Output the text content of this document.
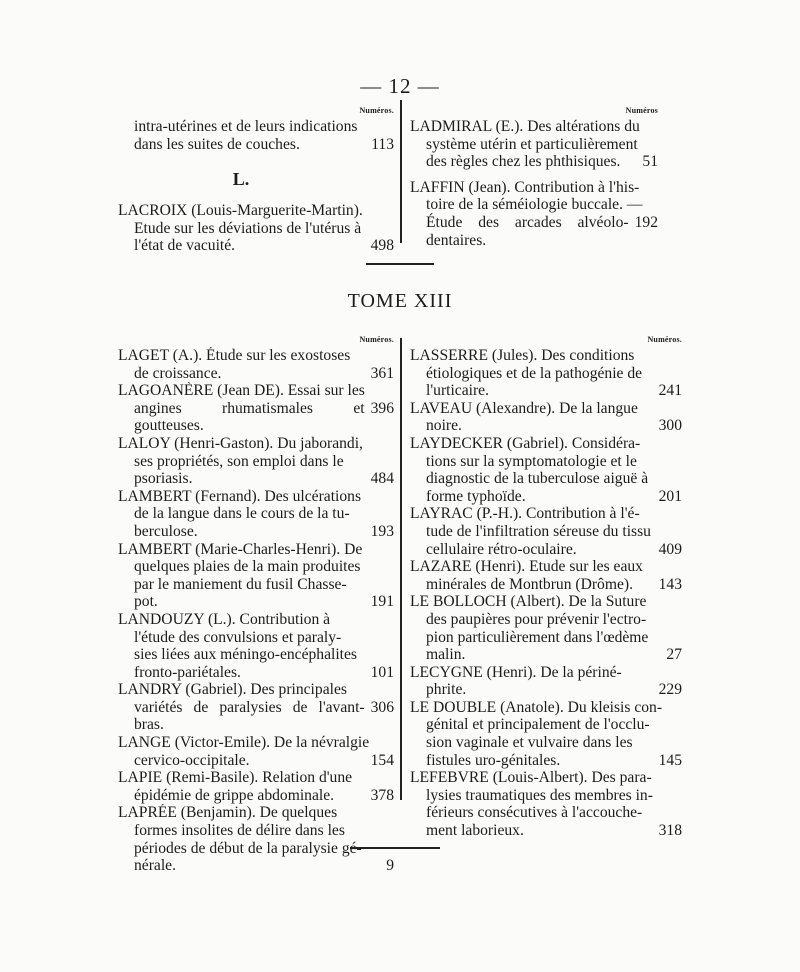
— 12 —
Numéros.
intra-utérines et de leurs indications
dans les suites de couches.	113
L.
LACROIX (Louis-Marguerite-Martin).
Etude sur les déviations de l'utérus à
l'état de vacuité.	498
Numéros
LADMIRAL (E.). Des altérations du
système utérin et particulièrement
des règles chez les phthisiques. 51
LAFFIN (Jean). Contribution à l'his-
toire de la séméiologie buccale. —
Étude des arcades alvéolo-dentaires.
192
TOME XIII
Numéros.
LAGET (A.). Étude sur les exostoses
de croissance.	361
LAGOANÈRE (Jean DE). Essai sur les
angines rhumatismales et goutteuses.
396
LALOY (Henri-Gaston). Du jaborandi,
ses propriétés, son emploi dans le
psoriasis.	484
LAMBERT (Fernand). Des ulcérations
de la langue dans le cours de la tu-
berculose.	193
LAMBERT (Marie-Charles-Henri). De
quelques plaies de la main produites
par le maniement du fusil Chasse-
pot.	191
LANDOUZY (L.). Contribution à
l'étude des convulsions et paraly-
sies liées aux méningo-encéphalites
fronto-pariétales.	101
LANDRY (Gabriel). Des principales
variétés de paralysies de l'avant-bras.
306
LANGE (Victor-Emile). De la névralgie
cervico-occipitale.	154
LAPIE (Remi-Basile). Relation d'une
épidémie de grippe abdominale. 378
LAPRÉE (Benjamin). De quelques
formes insolites de délire dans les
périodes de début de la paralysie gé-
nérale.	9
Numéros.
LASSERRE (Jules). Des conditions
étiologiques et de la pathogénie de
l'urticaire.	241
LAVEAU (Alexandre). De la langue
noire.	300
LAYDECKER (Gabriel). Considéra-
tions sur la symptomatologie et le
diagnostic de la tuberculose aiguë à
forme typhoïde.	201
LAYRAC (P.-H.). Contribution à l'é-
tude de l'infiltration séreuse du tissu
cellulaire rétro-oculaire.	409
LAZARE (Henri). Etude sur les eaux
minérales de Montbrun (Drôme). 143
LE BOLLOCH (Albert). De la Suture
des paupières pour prévenir l'ectro-
pion particulièrement dans l'œdème
malin.	27
LECYGNE (Henri). De la périné-
phrite.	229
LE DOUBLE (Anatole). Du kleisis con-
génital et principalement de l'occlu-
sion vaginale et vulvaire dans les
fistules uro-génitales.	145
LEFEBVRE (Louis-Albert). Des para-
lysies traumatiques des membres in-
férieurs consécutives à l'accouche-
ment laborieux.	318
